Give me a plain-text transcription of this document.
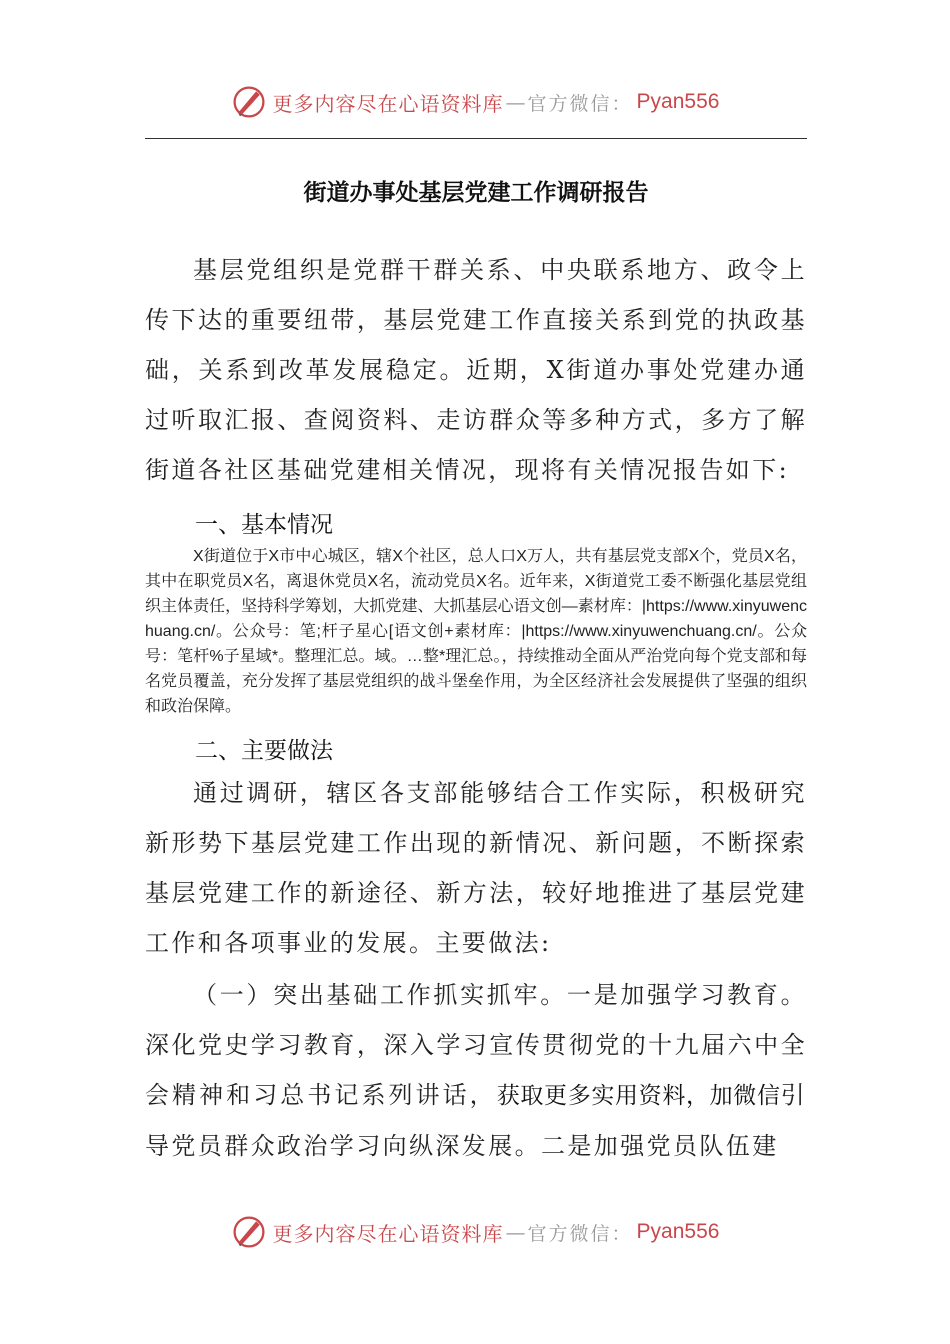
更多内容尽在心语资料库 — 官方微信： Pyan556
街道办事处基层党建工作调研报告

基层党组织是党群干群关系、中央联系地方、政令上传下达的重要纽带，基层党建工作直接关系到党的执政基础，关系到改革发展稳定。近期，X街道办事处党建办通过听取汇报、查阅资料、走访群众等多种方式，多方了解街道各社区基础党建相关情况，现将有关情况报告如下:

一、基本情况

X街道位于X市中心城区，辖X个社区，总人口X万人，共有基层党支部X个，党员X名，其中在职党员X名，离退休党员X名，流动党员X名。近年来，X街道党工委不断强化基层党组织主体责任，坚持科学筹划，大抓党建、大抓基层心语文创—素材库：|https://www.xinyuwenchuang.cn/。公众号：笔;杆子星心[语文创+素材库：|https://www.xinyuwenchuang.cn/。公众号：笔杆%子星域*。整理汇总。域。…整*理汇总。，持续推动全面从严治党向每个党支部和每名党员覆盖，充分发挥了基层党组织的战斗堡垒作用，为全区经济社会发展提供了坚强的组织和政治保障。

二、主要做法

通过调研，辖区各支部能够结合工作实际，积极研究新形势下基层党建工作出现的新情况、新问题，不断探索基层党建工作的新途径、新方法，较好地推进了基层党建工作和各项事业的发展。主要做法:

（一）突出基础工作抓实抓牢。一是加强学习教育。深化党史学习教育，深入学习宣传贯彻党的十九届六中全会精神和习总书记系列讲话，获取更多实用资料，加微信引导党员群众政治学习向纵深发展。二是加强党员队伍建

更多内容尽在心语资料库 — 官方微信： Pyan556
